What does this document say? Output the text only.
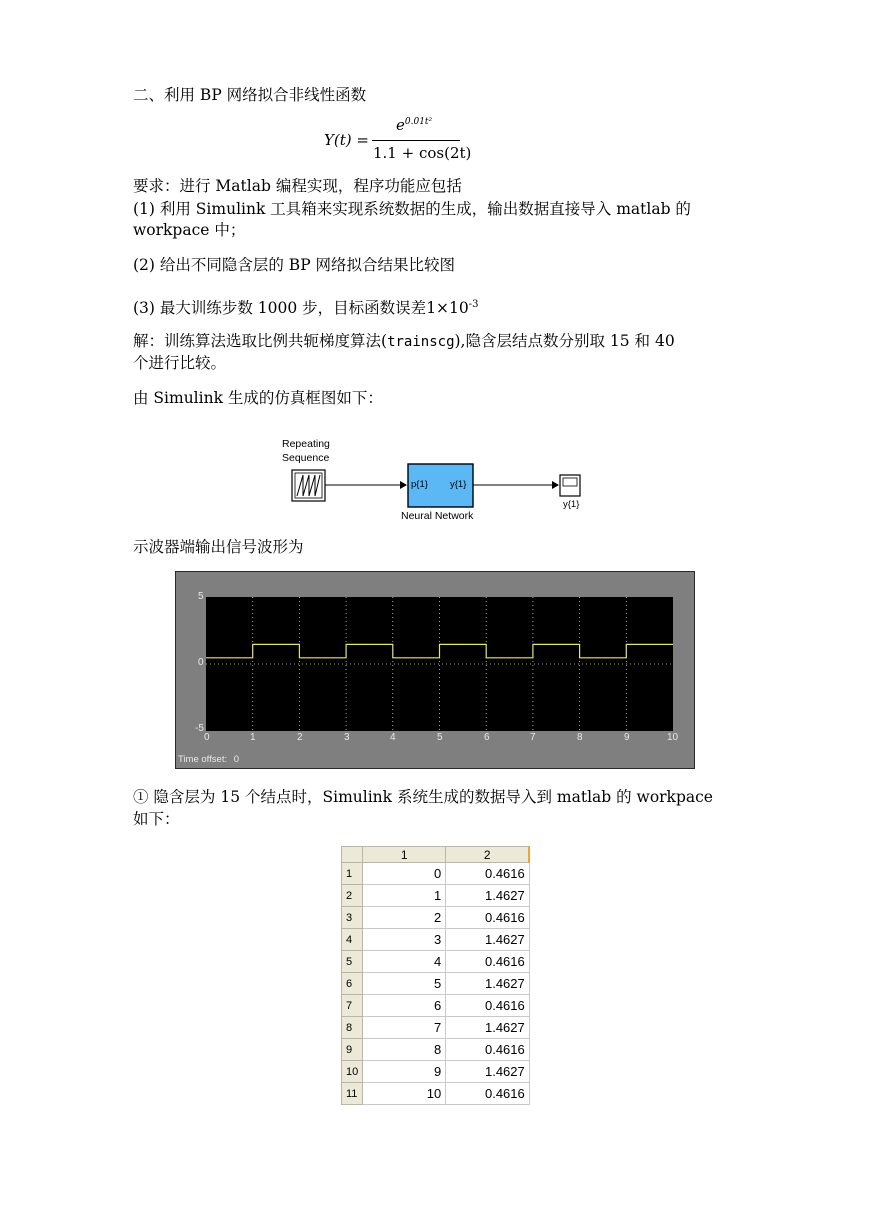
二、利用 BP 网络拟合非线性函数
Y(t) =
$e^{0.01t^2}$
1.1 + cos(2t)
要求：进行 Matlab 编程实现，程序功能应包括
(1) 利用 Simulink 工具箱来实现系统数据的生成，输出数据直接导入 matlab 的
workpace 中；
(2) 给出不同隐含层的 BP 网络拟合结果比较图
(3) 最大训练步数 1000 步，目标函数误差$1\times 10^{-3}$
解：训练算法选取比例共轭梯度算法(trainscg),隐含层结点数分别取 15 和 40
个进行比较。
由 Simulink 生成的仿真框图如下：
Repeating
Sequence
p{1} y{1}
Neural Network
y{1}
示波器端输出信号波形为
5
0
-5
0	1	2	3	4	5	6	7	8	9	10
Time offset: 0
① 隐含层为 15 个结点时，Simulink 系统生成的数据导入到 matlab 的 workpace
如下：
	1	2
1	0	0.4616
2	1	1.4627
3	2	0.4616
4	3	1.4627
5	4	0.4616
6	5	1.4627
7	6	0.4616
8	7	1.4627
9	8	0.4616
10	9	1.4627
11	10	0.4616
